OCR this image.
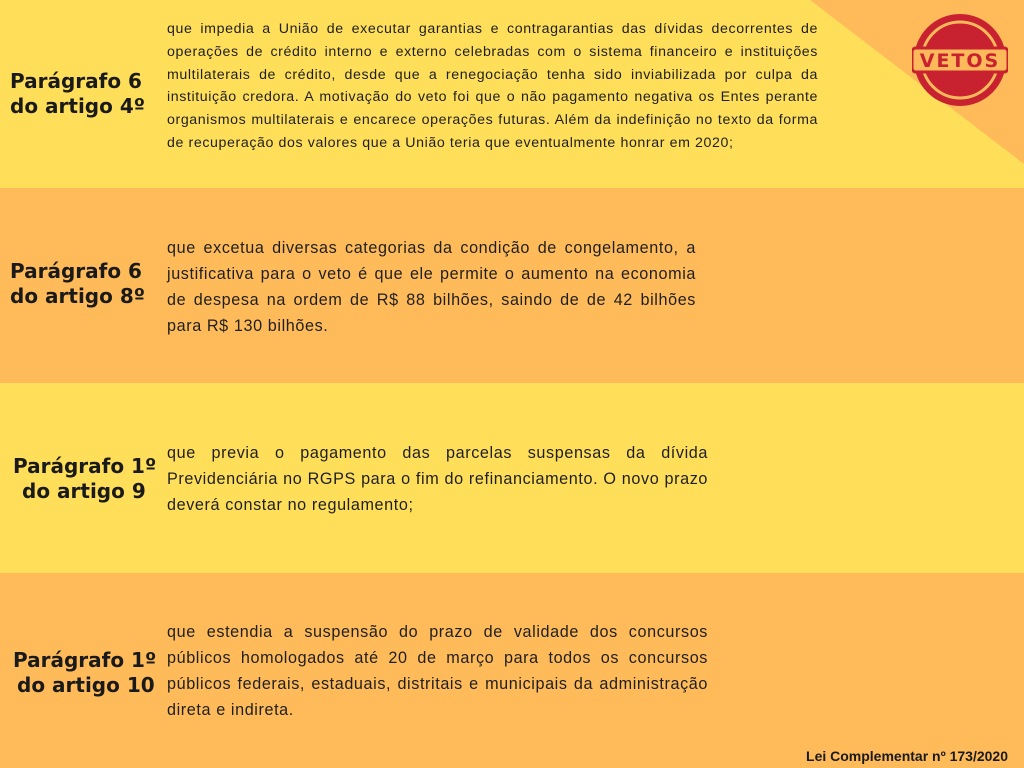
VETOS
Parágrafo 6
do artigo 4º
que impedia a União de executar garantias e contragarantias das dívidas decorrentes de operações de crédito interno e externo celebradas com o sistema financeiro e instituições multilaterais de crédito, desde que a renegociação tenha sido inviabilizada por culpa da instituição credora. A motivação do veto foi que o não pagamento negativa os Entes perante organismos multilaterais e encarece operações futuras. Além da indefinição no texto da forma de recuperação dos valores que a União teria que eventualmente honrar em 2020;
Parágrafo 6
do artigo 8º
que excetua diversas categorias da condição de congelamento, a justificativa para o veto é que ele permite o aumento na economia de despesa na ordem de R$ 88 bilhões, saindo de de 42 bilhões para R$ 130 bilhões.
Parágrafo 1º
do artigo 9
que previa o pagamento das parcelas suspensas da dívida Previdenciária no RGPS para o fim do refinanciamento. O novo prazo deverá constar no regulamento;
Parágrafo 1º
do artigo 10
que estendia a suspensão do prazo de validade dos concursos públicos homologados até 20 de março para todos os concursos públicos federais, estaduais, distritais e municipais da administração direta e indireta.
Lei Complementar nº 173/2020
